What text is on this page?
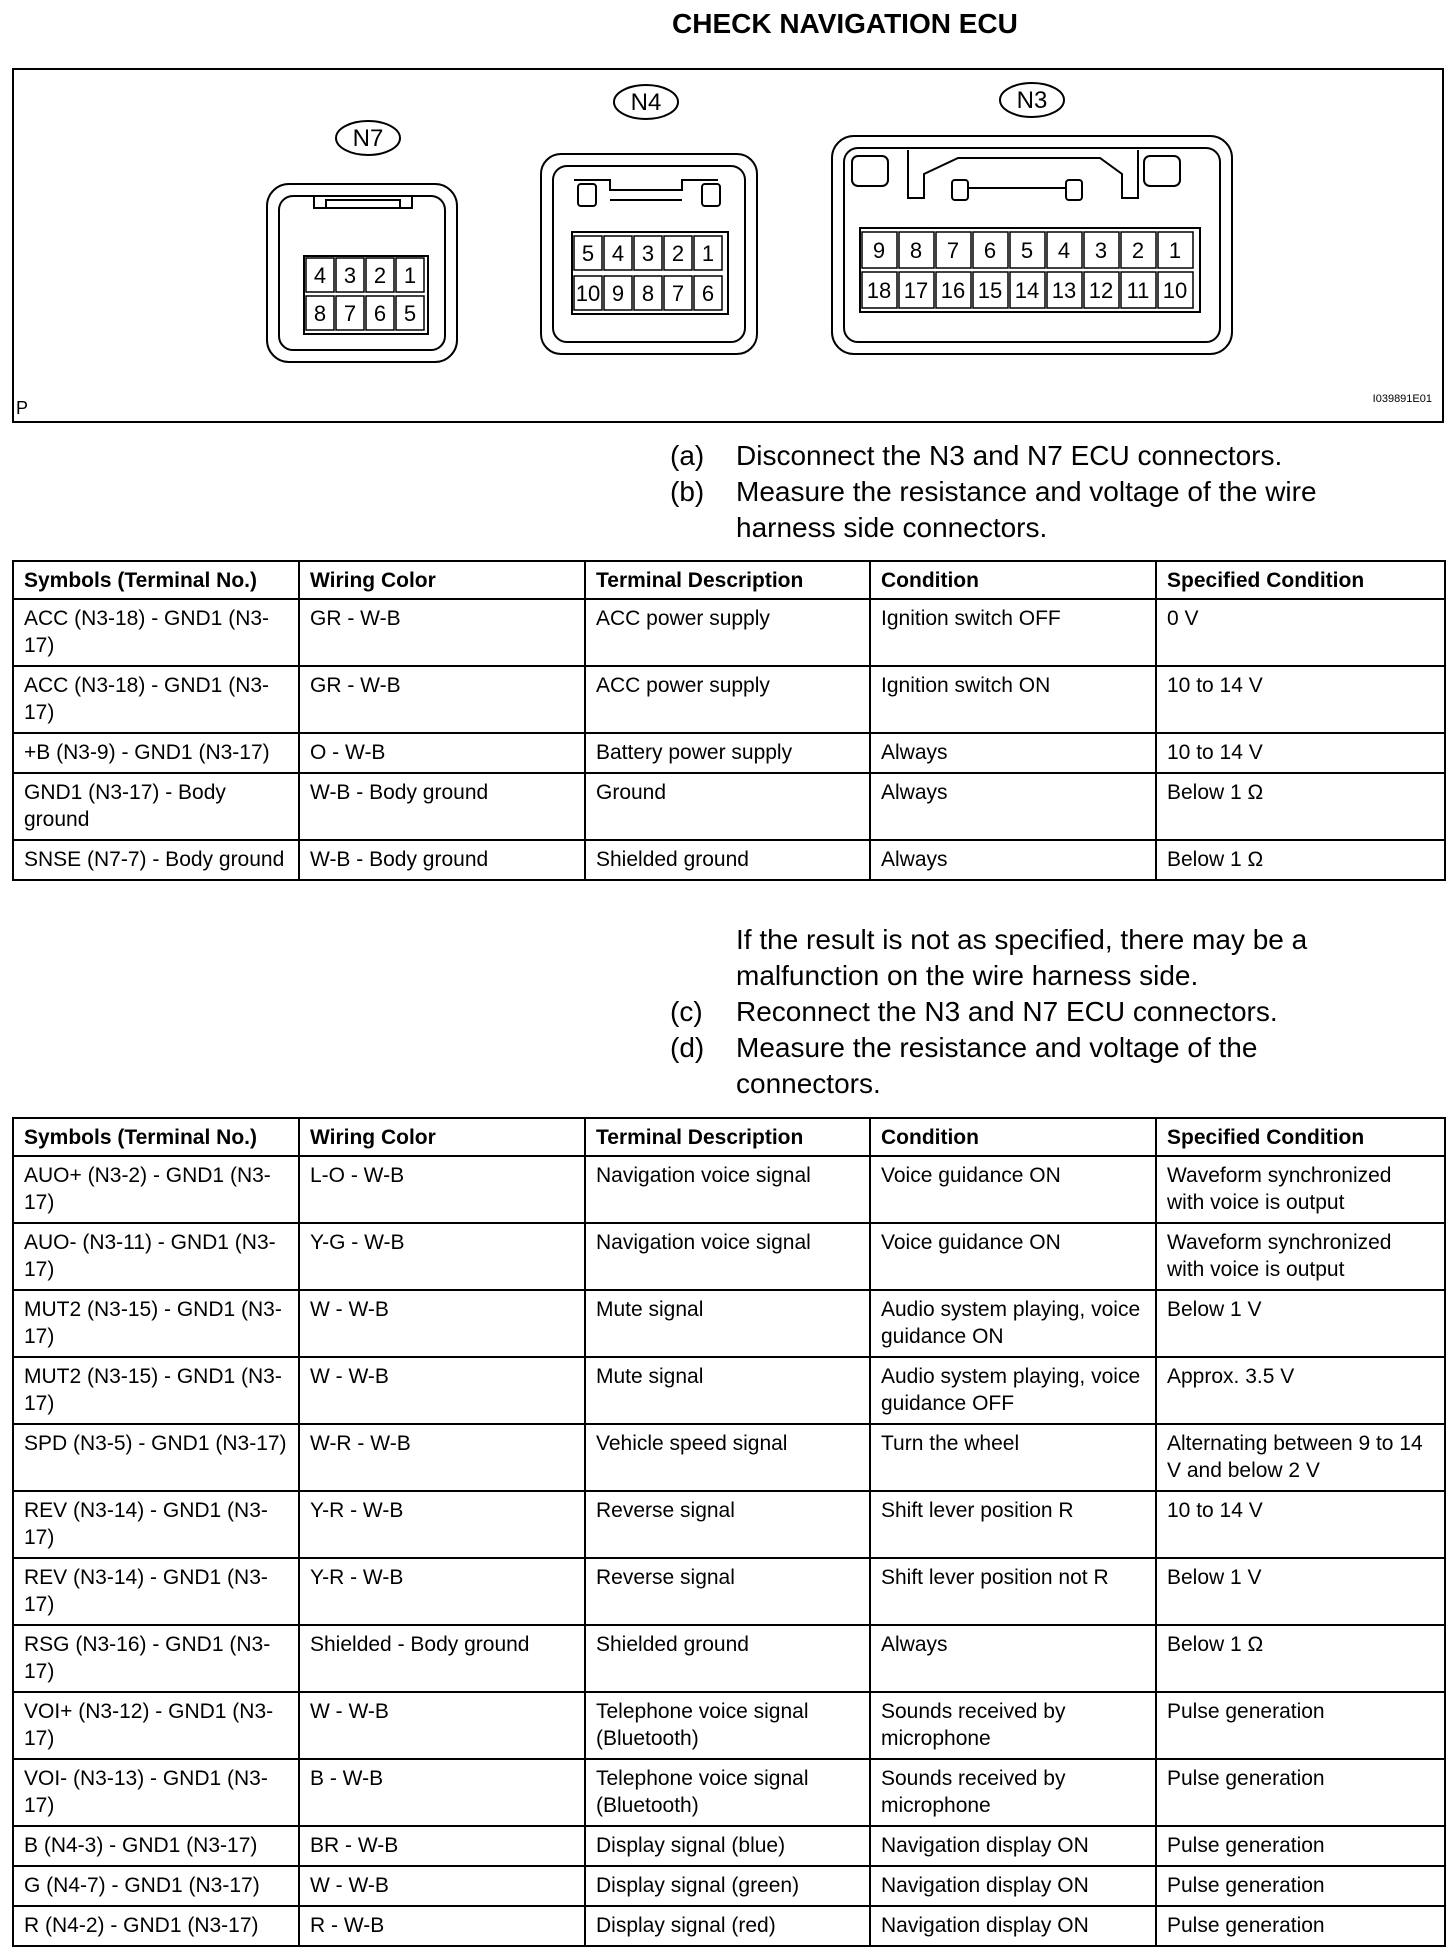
CHECK NAVIGATION ECU
N7
4 3 2 1
8 7 6 5
N4
5 4 3 2 1
10 9 8 7 6
N3
9 8 7 6 5 4 3 2 1
18 17 16 15 14 13 12 11 10
P	I039891E01
(a) Disconnect the N3 and N7 ECU connectors.
(b) Measure the resistance and voltage of the wire harness side connectors.
Symbols (Terminal No.)	Wiring Color	Terminal Description	Condition	Specified Condition
ACC (N3-18) - GND1 (N3-17)	GR - W-B	ACC power supply	Ignition switch OFF	0 V
ACC (N3-18) - GND1 (N3-17)	GR - W-B	ACC power supply	Ignition switch ON	10 to 14 V
+B (N3-9) - GND1 (N3-17)	O - W-B	Battery power supply	Always	10 to 14 V
GND1 (N3-17) - Body ground	W-B - Body ground	Ground	Always	Below 1 Ω
SNSE (N7-7) - Body ground	W-B - Body ground	Shielded ground	Always	Below 1 Ω
If the result is not as specified, there may be a malfunction on the wire harness side.
(c) Reconnect the N3 and N7 ECU connectors.
(d) Measure the resistance and voltage of the connectors.
Symbols (Terminal No.)	Wiring Color	Terminal Description	Condition	Specified Condition
AUO+ (N3-2) - GND1 (N3-17)	L-O - W-B	Navigation voice signal	Voice guidance ON	Waveform synchronized with voice is output
AUO- (N3-11) - GND1 (N3-17)	Y-G - W-B	Navigation voice signal	Voice guidance ON	Waveform synchronized with voice is output
MUT2 (N3-15) - GND1 (N3-17)	W - W-B	Mute signal	Audio system playing, voice guidance ON	Below 1 V
MUT2 (N3-15) - GND1 (N3-17)	W - W-B	Mute signal	Audio system playing, voice guidance OFF	Approx. 3.5 V
SPD (N3-5) - GND1 (N3-17)	W-R - W-B	Vehicle speed signal	Turn the wheel	Alternating between 9 to 14 V and below 2 V
REV (N3-14) - GND1 (N3-17)	Y-R - W-B	Reverse signal	Shift lever position R	10 to 14 V
REV (N3-14) - GND1 (N3-17)	Y-R - W-B	Reverse signal	Shift lever position not R	Below 1 V
RSG (N3-16) - GND1 (N3-17)	Shielded - Body ground	Shielded ground	Always	Below 1 Ω
VOI+ (N3-12) - GND1 (N3-17)	W - W-B	Telephone voice signal (Bluetooth)	Sounds received by microphone	Pulse generation
VOI- (N3-13) - GND1 (N3-17)	B - W-B	Telephone voice signal (Bluetooth)	Sounds received by microphone	Pulse generation
B (N4-3) - GND1 (N3-17)	BR - W-B	Display signal (blue)	Navigation display ON	Pulse generation
G (N4-7) - GND1 (N3-17)	W - W-B	Display signal (green)	Navigation display ON	Pulse generation
R (N4-2) - GND1 (N3-17)	R - W-B	Display signal (red)	Navigation display ON	Pulse generation
